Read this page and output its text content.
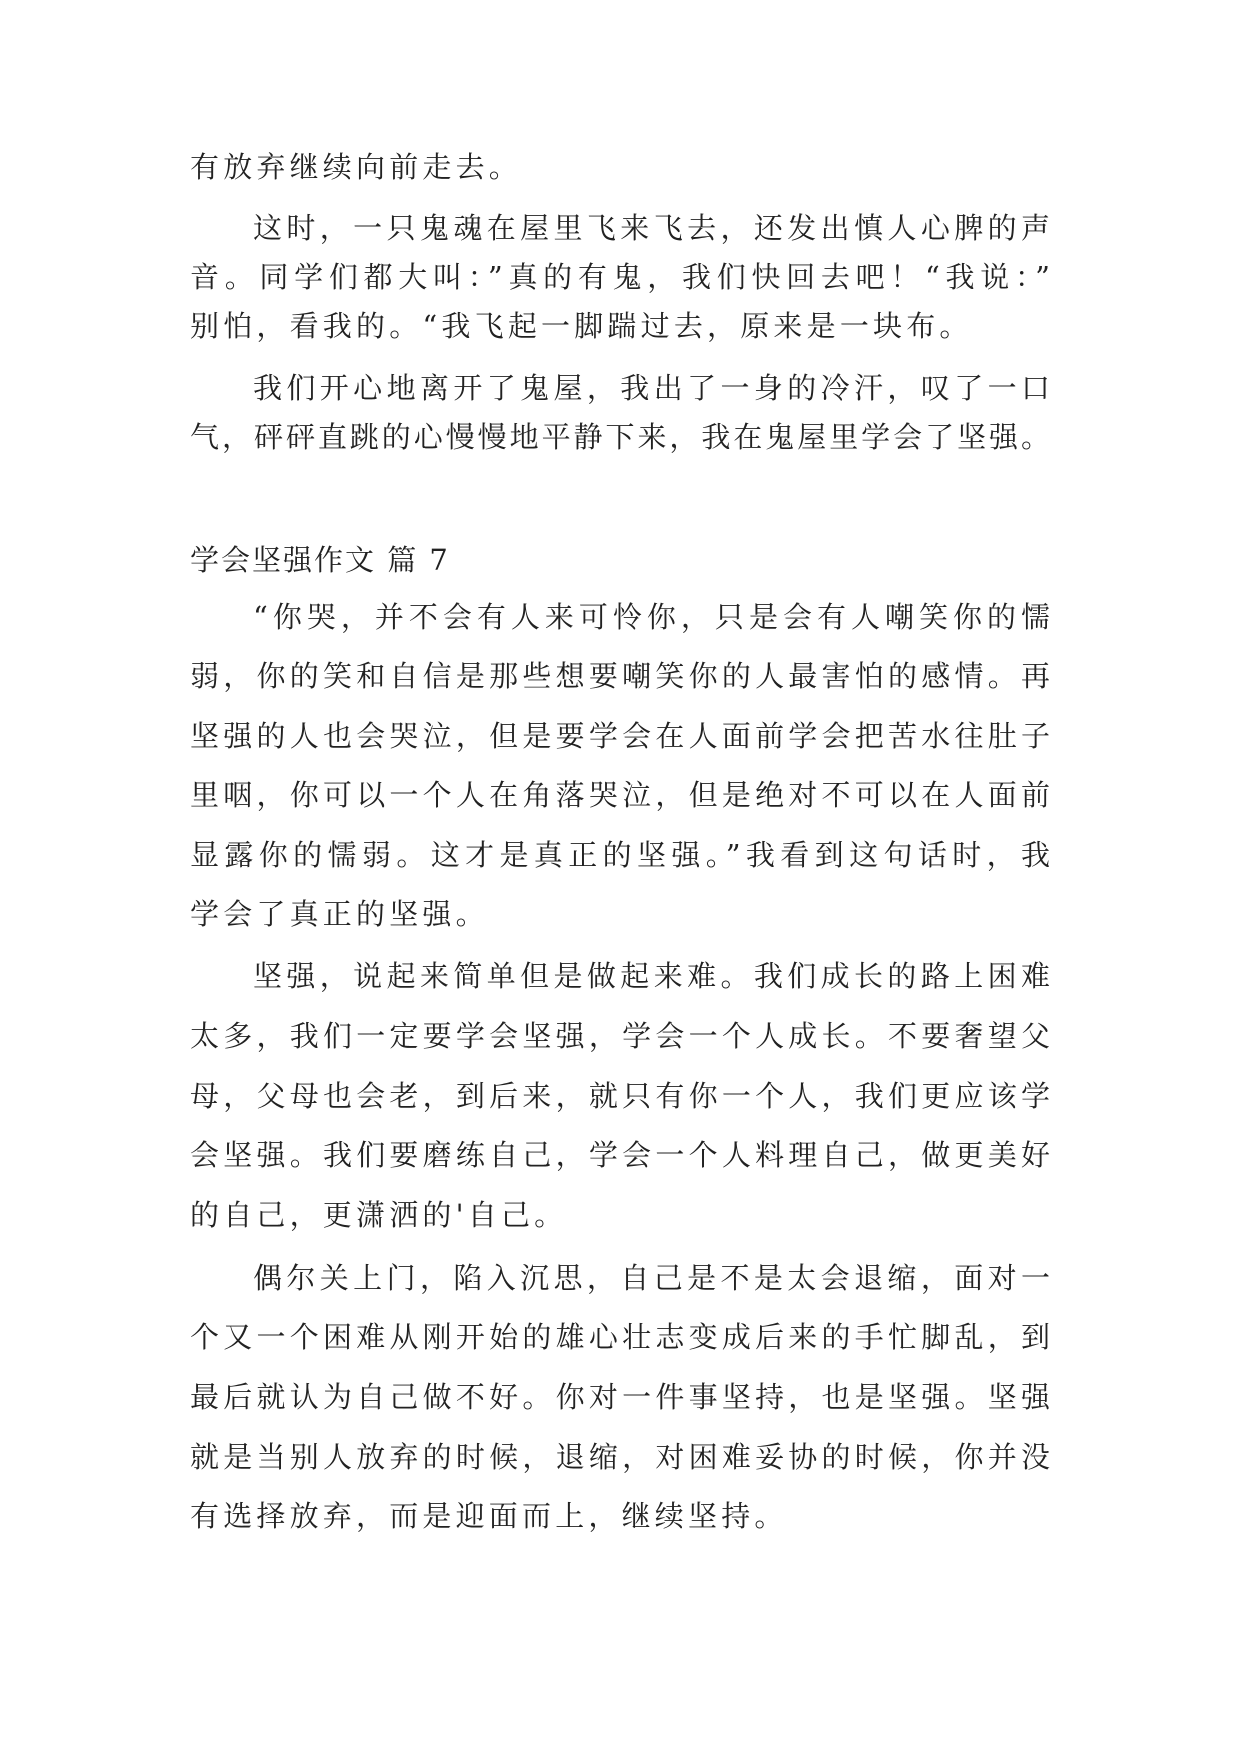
有放弃继续向前走去。

这时，一只鬼魂在屋里飞来飞去，还发出慎人心脾的声

音。同学们都大叫：”真的有鬼，我们快回去吧！“我说：”

别怕，看我的。“我飞起一脚踹过去，原来是一块布。

我们开心地离开了鬼屋，我出了一身的冷汗，叹了一口

气，砰砰直跳的心慢慢地平静下来，我在鬼屋里学会了坚强。

学会坚强作文 篇 7

“你哭，并不会有人来可怜你，只是会有人嘲笑你的懦

弱，你的笑和自信是那些想要嘲笑你的人最害怕的感情。再

坚强的人也会哭泣，但是要学会在人面前学会把苦水往肚子

里咽，你可以一个人在角落哭泣，但是绝对不可以在人面前

显露你的懦弱。这才是真正的坚强。”我看到这句话时，我

学会了真正的坚强。

坚强，说起来简单但是做起来难。我们成长的路上困难

太多，我们一定要学会坚强，学会一个人成长。不要奢望父

母，父母也会老，到后来，就只有你一个人，我们更应该学

会坚强。我们要磨练自己，学会一个人料理自己，做更美好

的自己，更潇洒的'自己。

偶尔关上门，陷入沉思，自己是不是太会退缩，面对一

个又一个困难从刚开始的雄心壮志变成后来的手忙脚乱，到

最后就认为自己做不好。你对一件事坚持，也是坚强。坚强

就是当别人放弃的时候，退缩，对困难妥协的时候，你并没

有选择放弃，而是迎面而上，继续坚持。
